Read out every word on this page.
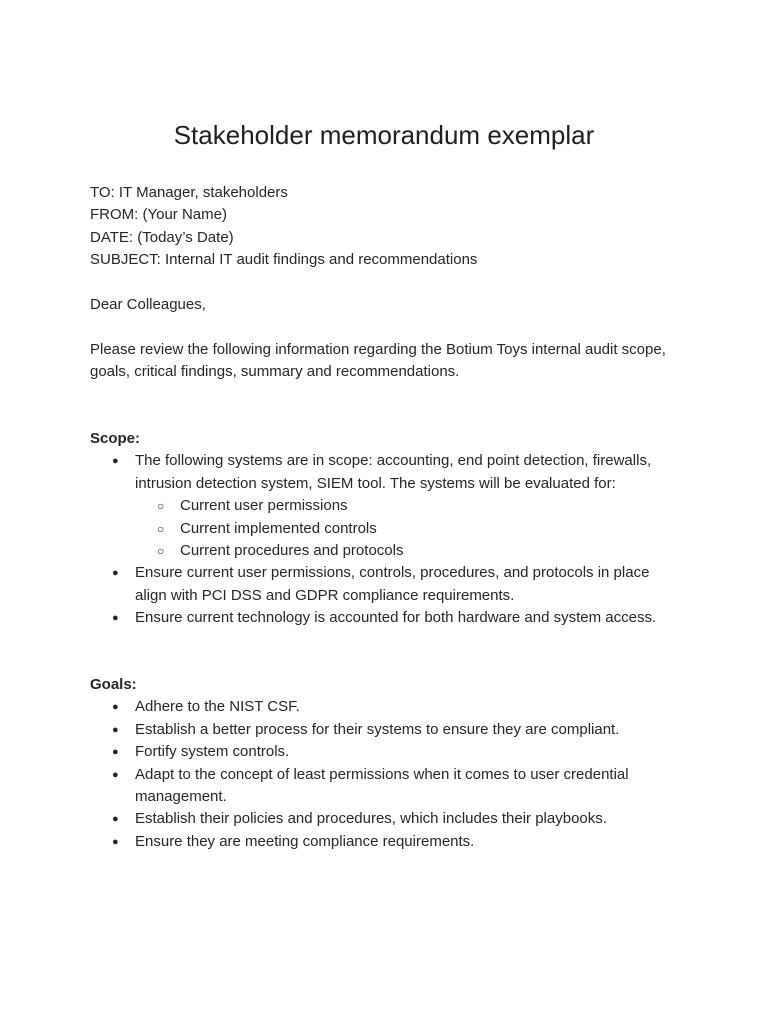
Stakeholder memorandum exemplar
TO: IT Manager, stakeholders
FROM: (Your Name)
DATE: (Today’s Date)
SUBJECT: Internal IT audit findings and recommendations
Dear Colleagues,
Please review the following information regarding the Botium Toys internal audit scope,
goals, critical findings, summary and recommendations.
Scope:
● The following systems are in scope: accounting, end point detection, firewalls,
intrusion detection system, SIEM tool. The systems will be evaluated for:
○ Current user permissions
○ Current implemented controls
○ Current procedures and protocols
● Ensure current user permissions, controls, procedures, and protocols in place
align with PCI DSS and GDPR compliance requirements.
● Ensure current technology is accounted for both hardware and system access.
Goals:
● Adhere to the NIST CSF.
● Establish a better process for their systems to ensure they are compliant.
● Fortify system controls.
● Adapt to the concept of least permissions when it comes to user credential
management.
● Establish their policies and procedures, which includes their playbooks.
● Ensure they are meeting compliance requirements.
